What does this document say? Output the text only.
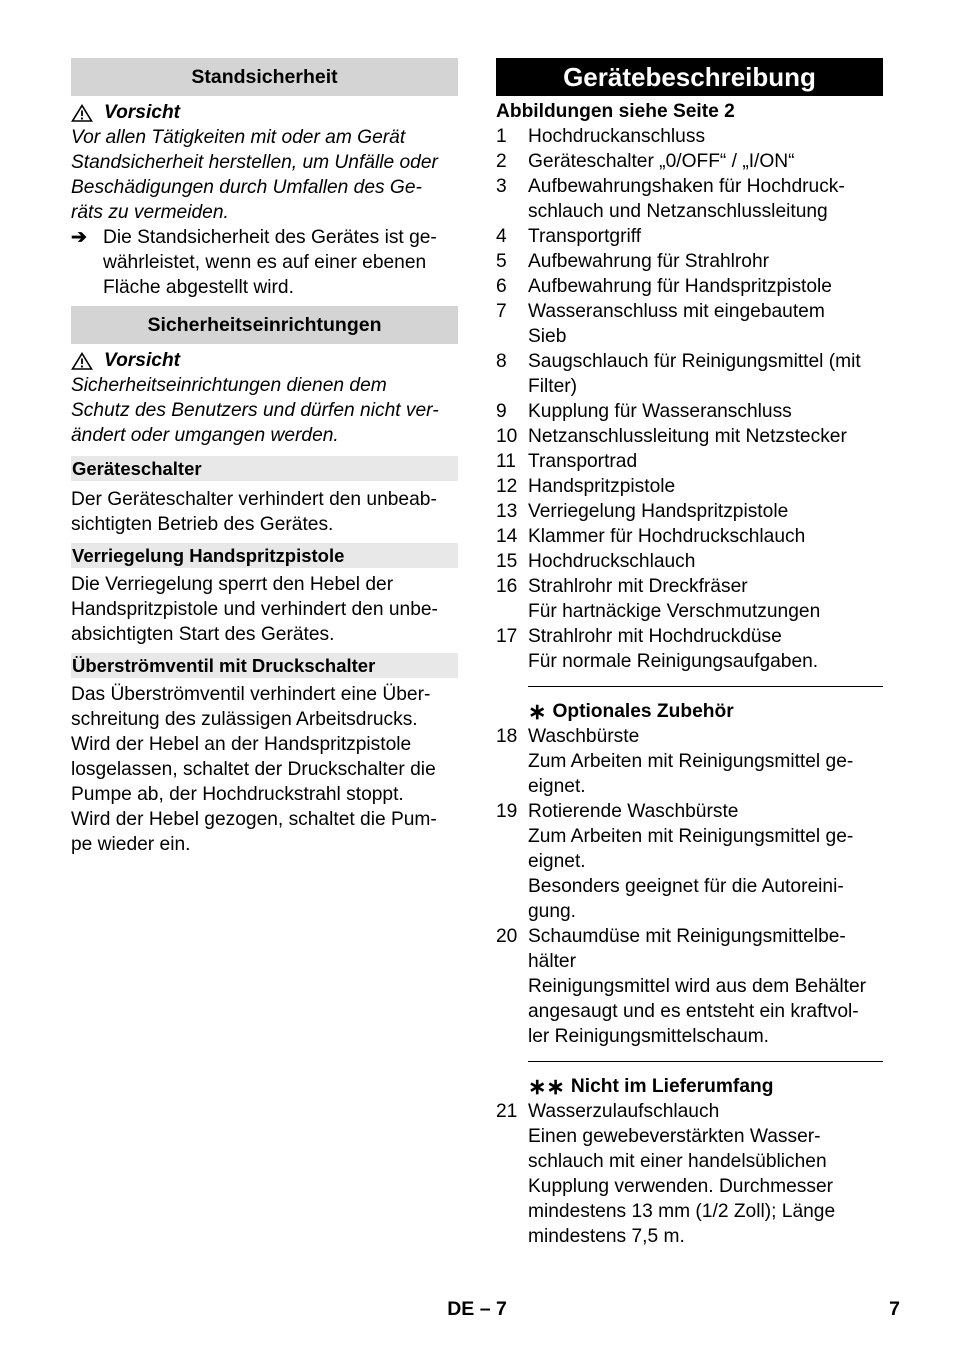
Standsicherheit
Vorsicht

Vor allen Tätigkeiten mit oder am Gerät

Standsicherheit herstellen, um Unfälle oder

Beschädigungen durch Umfallen des Ge-

räts zu vermeiden.

➔ Die Standsicherheit des Gerätes ist ge-

währleistet, wenn es auf einer ebenen

Fläche abgestellt wird.

Sicherheitseinrichtungen
Vorsicht

Sicherheitseinrichtungen dienen dem

Schutz des Benutzers und dürfen nicht ver-

ändert oder umgangen werden.

Geräteschalter

Der Geräteschalter verhindert den unbeab-

sichtigten Betrieb des Gerätes.

Verriegelung Handspritzpistole

Die Verriegelung sperrt den Hebel der

Handspritzpistole und verhindert den unbe-

absichtigten Start des Gerätes.

Überströmventil mit Druckschalter

Das Überströmventil verhindert eine Über-

schreitung des zulässigen Arbeitsdrucks.

Wird der Hebel an der Handspritzpistole

losgelassen, schaltet der Druckschalter die

Pumpe ab, der Hochdruckstrahl stoppt.

Wird der Hebel gezogen, schaltet die Pum-

pe wieder ein.

Gerätebeschreibung

Abbildungen siehe Seite 2

1	Hochdruckanschluss

2	Geräteschalter „0/OFF“ / „I/ON“

3	Aufbewahrungshaken für Hochdruck-

schlauch und Netzanschlussleitung

4	Transportgriff

5	Aufbewahrung für Strahlrohr

6	Aufbewahrung für Handspritzpistole

7	Wasseranschluss mit eingebautem

Sieb

8	Saugschlauch für Reinigungsmittel (mit

Filter)

9	Kupplung für Wasseranschluss

10 Netzanschlussleitung mit Netzstecker

11 Transportrad

12 Handspritzpistole

13 Verriegelung Handspritzpistole

14 Klammer für Hochdruckschlauch

15 Hochdruckschlauch

16 Strahlrohr mit Dreckfräser

Für hartnäckige Verschmutzungen

17 Strahlrohr mit Hochdruckdüse

Für normale Reinigungsaufgaben.

∗ Optionales Zubehör
18 Waschbürste

Zum Arbeiten mit Reinigungsmittel ge-

eignet.

19 Rotierende Waschbürste

Zum Arbeiten mit Reinigungsmittel ge-

eignet.

Besonders geeignet für die Autoreini-

gung.

20 Schaumdüse mit Reinigungsmittelbe-

hälter

Reinigungsmittel wird aus dem Behälter

angesaugt und es entsteht ein kraftvol-

ler Reinigungsmittelschaum.

∗∗ Nicht im Lieferumfang
21 Wasserzulaufschlauch

Einen gewebeverstärkten Wasser-

schlauch mit einer handelsüblichen

Kupplung verwenden. Durchmesser

mindestens 13 mm (1/2 Zoll); Länge

mindestens 7,5 m.

DE – 7	7
